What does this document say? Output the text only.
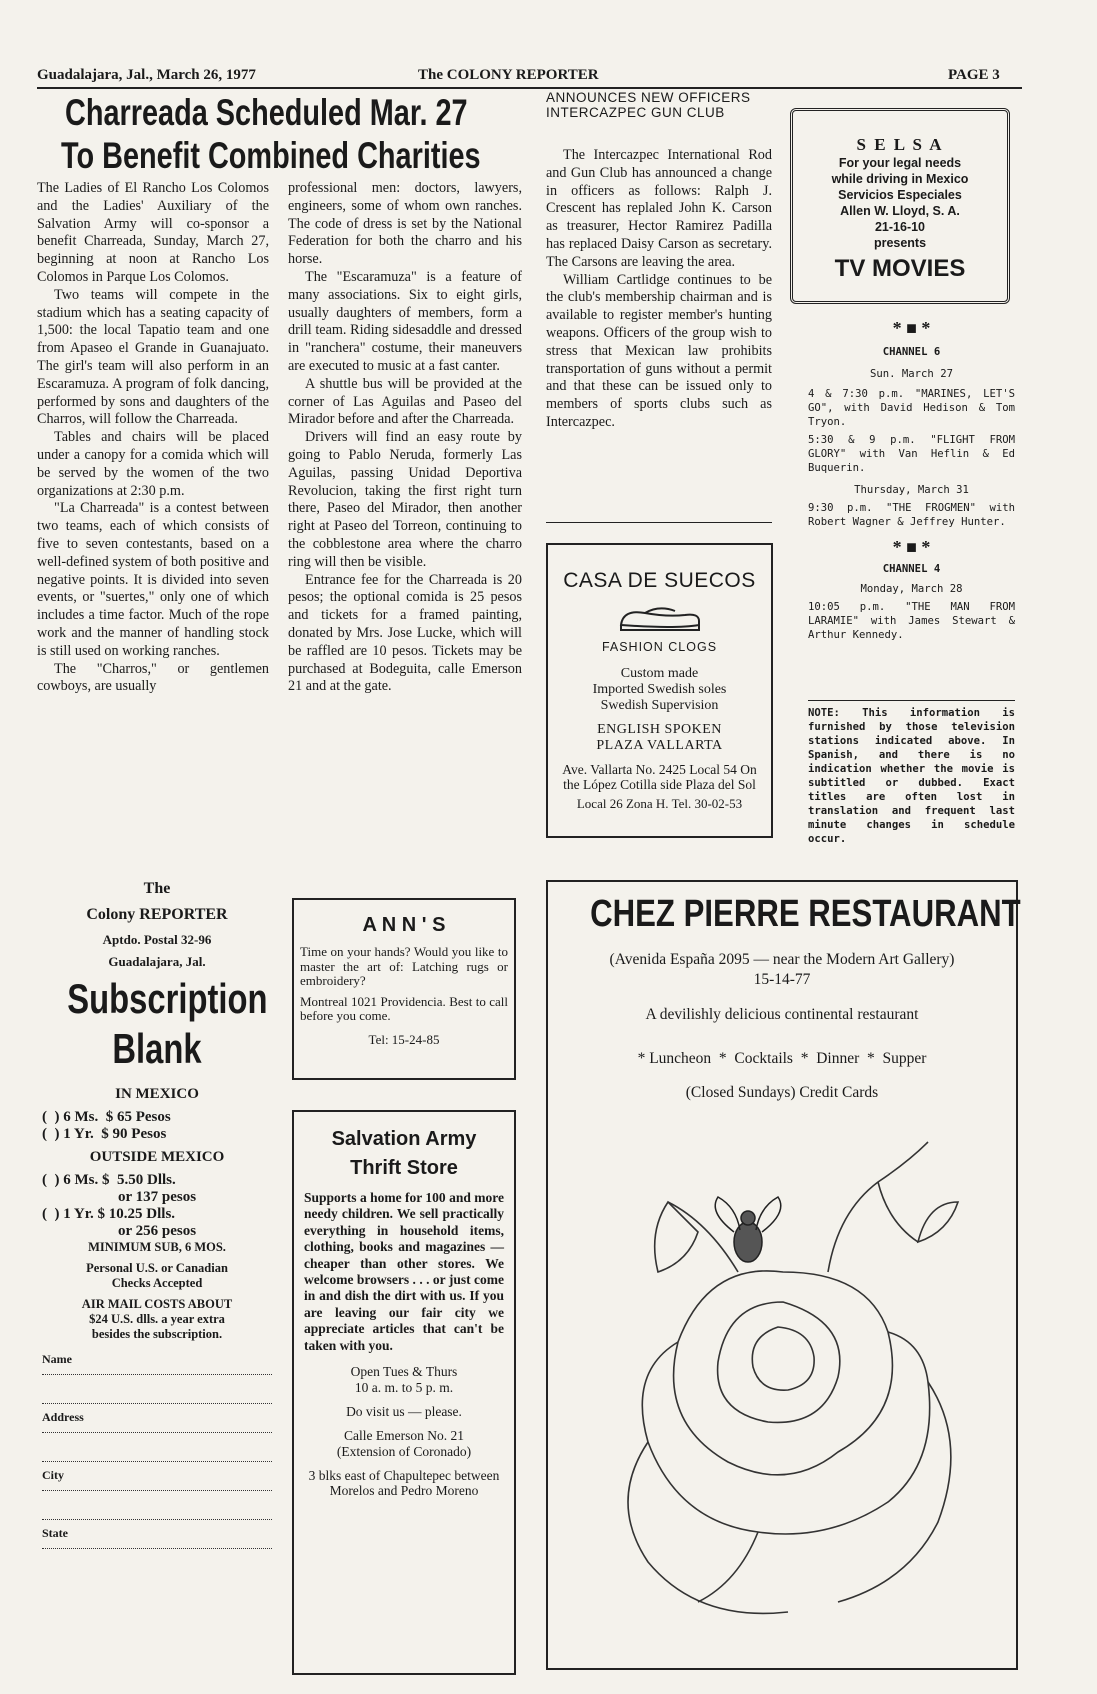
Guadalajara, Jal., March 26, 1977	The COLONY REPORTER	PAGE 3
Charreada Scheduled Mar. 27
To Benefit Combined Charities

The Ladies of El Rancho Los Colomos and the Ladies' Auxiliary of the Salvation Army will co-sponsor a benefit Charreada, Sunday, March 27, beginning at noon at Rancho Los Colomos in Parque Los Colomos.

Two teams will compete in the stadium which has a seating capacity of 1,500: the local Tapatio team and one from Apaseo el Grande in Guanajuato. The girl's team will also perform in an Escaramuza. A program of folk dancing, performed by sons and daughters of the Charros, will follow the Charreada.

Tables and chairs will be placed under a canopy for a comida which will be served by the women of the two organizations at 2:30 p.m.

"La Charreada" is a contest between two teams, each of which consists of five to seven contestants, based on a well-defined system of both positive and negative points. It is divided into seven events, or "suertes," only one of which includes a time factor. Much of the rope work and the manner of handling stock is still used on working ranches.

The "Charros," or gentlemen cowboys, are usually

professional men: doctors, lawyers, engineers, some of whom own ranches. The code of dress is set by the National Federation for both the charro and his horse.

The "Escaramuza" is a feature of many associations. Six to eight girls, usually daughters of members, form a drill team. Riding sidesaddle and dressed in "ranchera" costume, their maneuvers are executed to music at a fast canter.

A shuttle bus will be provided at the corner of Las Aguilas and Paseo del Mirador before and after the Charreada.

Drivers will find an easy route by going to Pablo Neruda, formerly Las Aguilas, passing Unidad Deportiva Revolucion, taking the first right turn there, Paseo del Mirador, then another right at Paseo del Torreon, continuing to the cobblestone area where the charro ring will then be visible.

Entrance fee for the Charreada is 20 pesos; the optional comida is 25 pesos and tickets for a framed painting, donated by Mrs. Jose Lucke, which will be raffled are 10 pesos. Tickets may be purchased at Bodeguita, calle Emerson 21 and at the gate.

ANNOUNCES NEW OFFICERS
INTERCAZPEC GUN CLUB

The Intercazpec International Rod and Gun Club has announced a change in officers as follows: Ralph J. Crescent has replaled John K. Carson as treasurer, Hector Ramirez Padilla has replaced Daisy Carson as secretary. The Carsons are leaving the area.

William Cartlidge continues to be the club's membership chairman and is available to register member's hunting weapons. Officers of the group wish to stress that Mexican law prohibits transportation of guns without a permit and that these can be issued only to members of sports clubs such as Intercazpec.

S E L S A
For your legal needs
while driving in Mexico
Servicios Especiales
Allen W. Lloyd, S. A.
21-16-10
presents
TV MOVIES
* ■ *
CHANNEL 6
Sun. March 27
4 & 7:30 p.m. "MARINES, LET'S GO", with David Hedison & Tom Tryon.
5:30 & 9 p.m. "FLIGHT FROM GLORY" with Van Heflin & Ed Buquerin.
Thursday, March 31
9:30 p.m. "THE FROGMEN" with Robert Wagner & Jeffrey Hunter.
* ■ *
CHANNEL 4
Monday, March 28
10:05 p.m. "THE MAN FROM LARAMIE" with James Stewart & Arthur Kennedy.
NOTE: This information is furnished by those television stations indicated above. In Spanish, and there is no indication whether the movie is subtitled or dubbed. Exact titles are often lost in translation and frequent last minute changes in schedule occur.
CASA DE SUECOS
FASHION CLOGS
Custom made
Imported Swedish soles
Swedish Supervision
ENGLISH SPOKEN
PLAZA VALLARTA
Ave. Vallarta No. 2425 Local 54 On the López Cotilla side Plaza del Sol
Local 26 Zona H. Tel. 30-02-53
The
Colony REPORTER
Aptdo. Postal 32-96
Guadalajara, Jal.
Subscription
Blank
IN MEXICO
(  ) 6 Ms.  $ 65 Pesos
(  ) 1 Yr.  $ 90 Pesos
OUTSIDE MEXICO
(  ) 6 Ms. $  5.50 Dlls.
or 137 pesos
(  ) 1 Yr. $ 10.25 Dlls.
or 256 pesos
MINIMUM SUB, 6 MOS.
Personal U.S. or Canadian
Checks Accepted
AIR MAIL COSTS ABOUT
$24 U.S. dlls. a year extra
besides the subscription.
Name
Address
City
State
A N N ' S
Time on your hands? Would you like to master the art of: Latching rugs or embroidery?
Montreal 1021 Providencia. Best to call before you come.
Tel: 15-24-85
Salvation Army
Thrift Store
Supports a home for 100 and more needy children. We sell practically everything in household items, clothing, books and magazines — cheaper than other stores. We welcome browsers . . . or just come in and dish the dirt with us. If you are leaving our fair city we appreciate articles that can't be taken with you.
Open Tues & Thurs
10 a. m. to 5 p. m.
Do visit us — please.
Calle Emerson No. 21
(Extension of Coronado)
3 blks east of Chapultepec between Morelos and Pedro Moreno
CHEZ PIERRE RESTAURANT
(Avenida España 2095 — near the Modern Art Gallery) 15-14-77
A devilishly delicious continental restaurant
* Luncheon  *  Cocktails  *  Dinner  *  Supper
(Closed Sundays) Credit Cards
